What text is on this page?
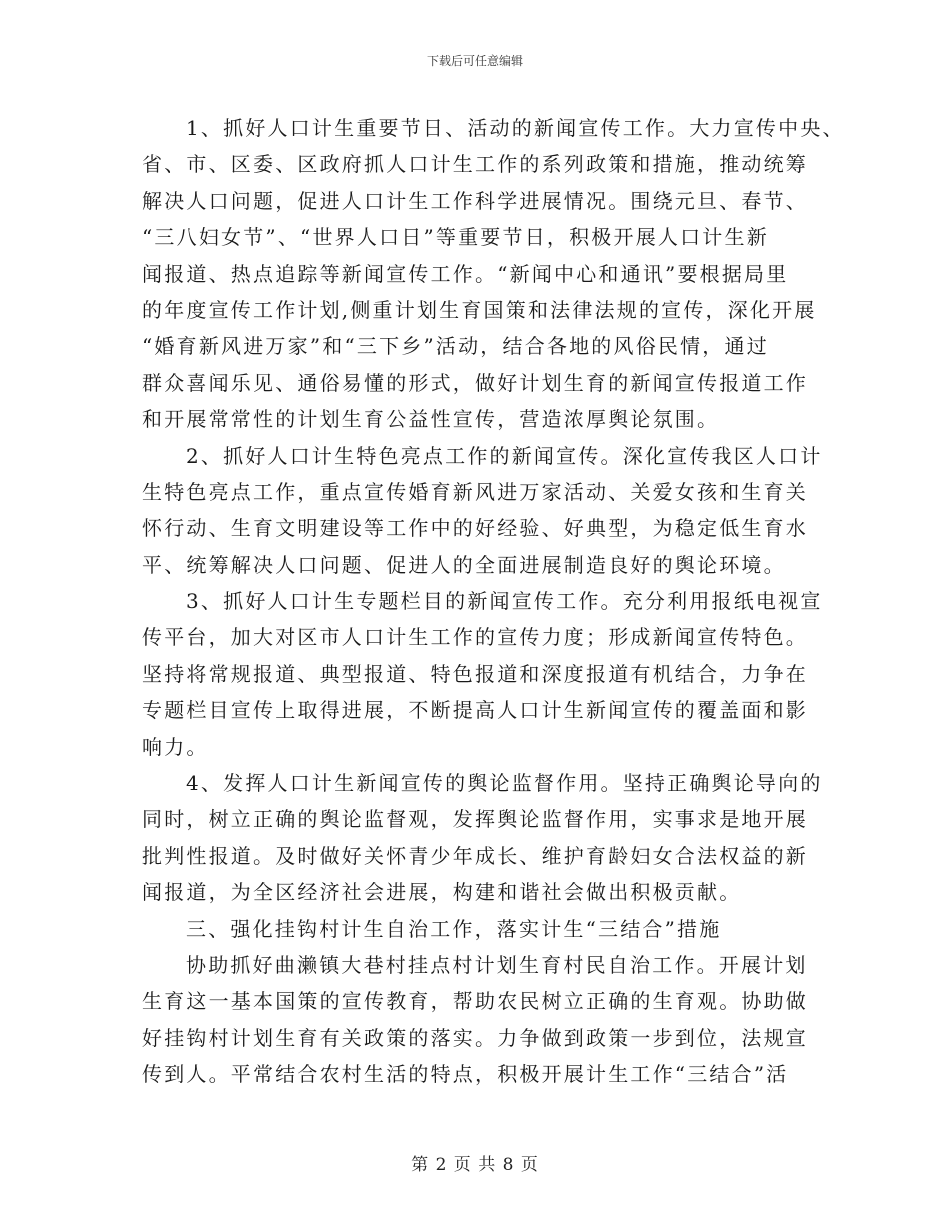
下载后可任意编辑
1、抓好人口计生重要节日、活动的新闻宣传工作。大力宣传中央、
省、市、区委、区政府抓人口计生工作的系列政策和措施，推动统筹
解决人口问题，促进人口计生工作科学进展情况。围绕元旦、春节、
“三八妇女节”、“世界人口日”等重要节日，积极开展人口计生新
闻报道、热点追踪等新闻宣传工作。“新闻中心和通讯”要根据局里
的年度宣传工作计划,侧重计划生育国策和法律法规的宣传，深化开展
“婚育新风进万家”和“三下乡”活动，结合各地的风俗民情，通过
群众喜闻乐见、通俗易懂的形式，做好计划生育的新闻宣传报道工作
和开展常常性的计划生育公益性宣传，营造浓厚舆论氛围。
2、抓好人口计生特色亮点工作的新闻宣传。深化宣传我区人口计
生特色亮点工作，重点宣传婚育新风进万家活动、关爱女孩和生育关
怀行动、生育文明建设等工作中的好经验、好典型，为稳定低生育水
平、统筹解决人口问题、促进人的全面进展制造良好的舆论环境。
3、抓好人口计生专题栏目的新闻宣传工作。充分利用报纸电视宣
传平台，加大对区市人口计生工作的宣传力度；形成新闻宣传特色。
坚持将常规报道、典型报道、特色报道和深度报道有机结合，力争在
专题栏目宣传上取得进展，不断提高人口计生新闻宣传的覆盖面和影
响力。
4、发挥人口计生新闻宣传的舆论监督作用。坚持正确舆论导向的
同时，树立正确的舆论监督观，发挥舆论监督作用，实事求是地开展
批判性报道。及时做好关怀青少年成长、维护育龄妇女合法权益的新
闻报道，为全区经济社会进展，构建和谐社会做出积极贡献。
三、强化挂钩村计生自治工作，落实计生“三结合”措施
协助抓好曲濑镇大巷村挂点村计划生育村民自治工作。开展计划
生育这一基本国策的宣传教育，帮助农民树立正确的生育观。协助做
好挂钩村计划生育有关政策的落实。力争做到政策一步到位，法规宣
传到人。平常结合农村生活的特点，积极开展计生工作“三结合”活
第 2 页 共 8 页
